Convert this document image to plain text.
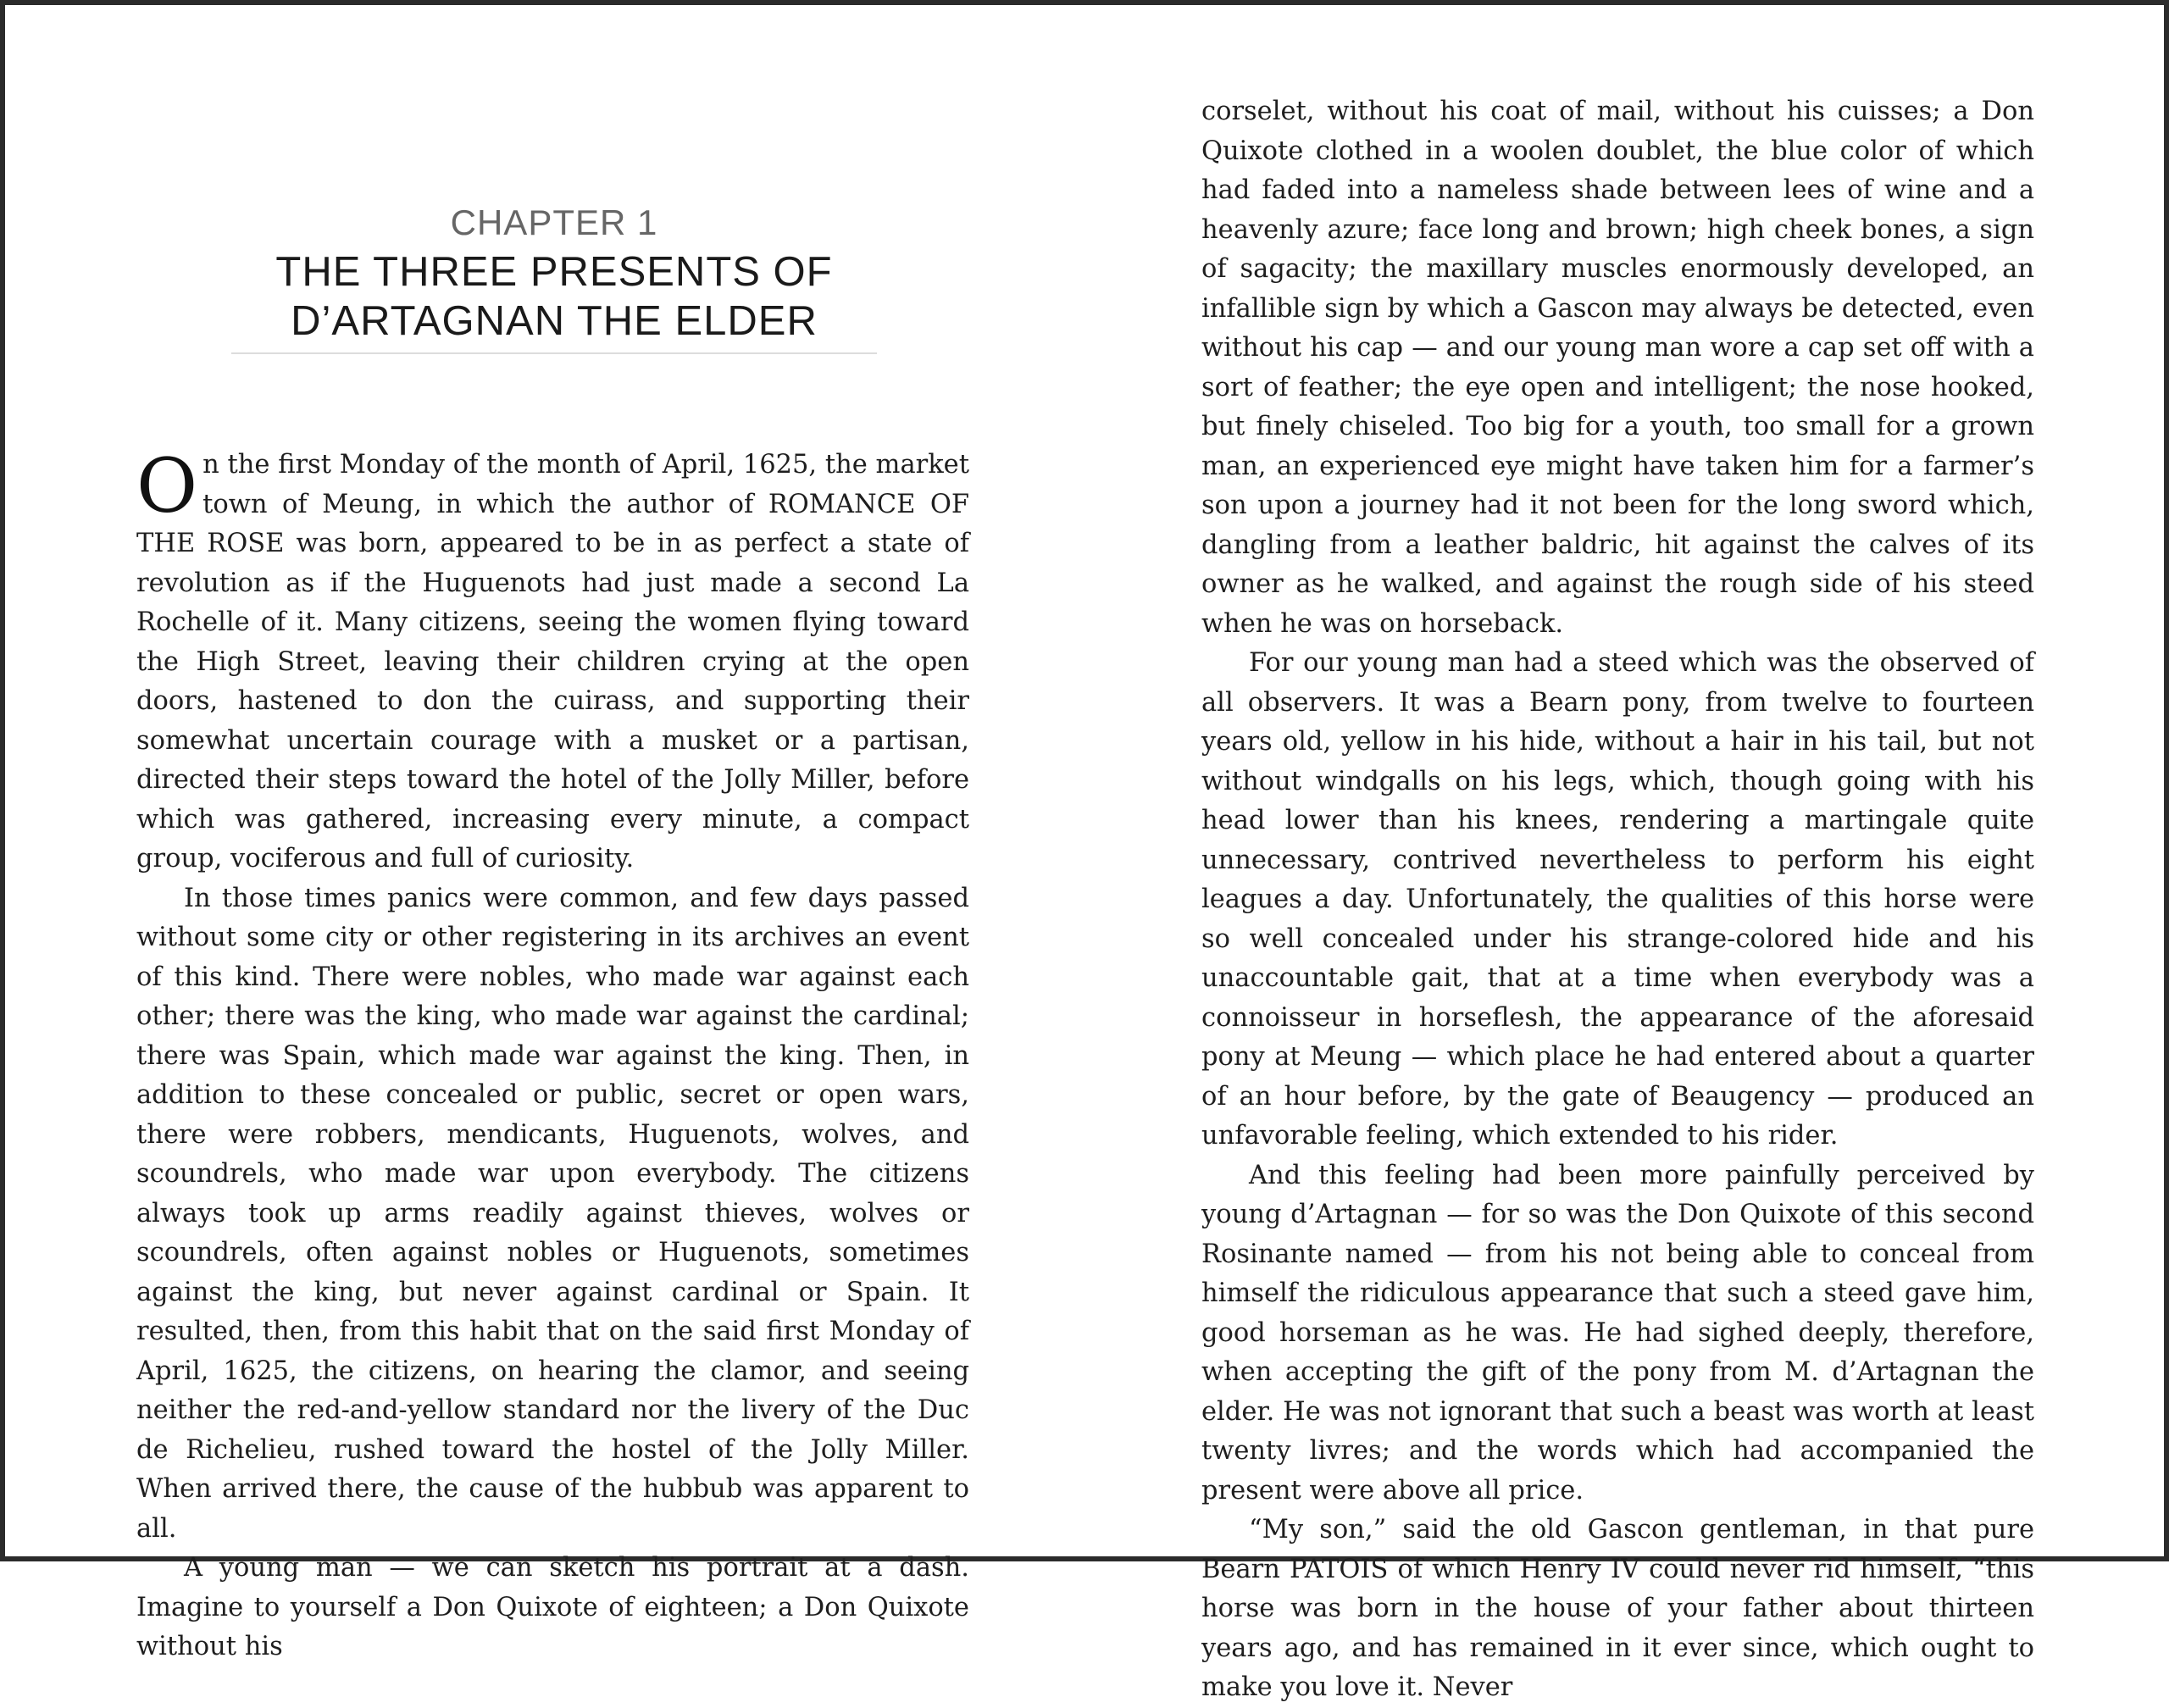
CHAPTER 1
THE THREE PRESENTS OF
D’ARTAGNAN THE ELDER

On the first Monday of the month of April, 1625, the market town of Meung, in which the author of ROMANCE OF THE ROSE was born, appeared to be in as perfect a state of revolution as if the Huguenots had just made a second La Rochelle of it. Many citizens, seeing the women flying toward the High Street, leaving their children crying at the open doors, hastened to don the cuirass, and supporting their somewhat uncertain courage with a musket or a partisan, directed their steps toward the hotel of the Jolly Miller, before which was gathered, increasing every minute, a compact group, vociferous and full of curiosity.

In those times panics were common, and few days passed without some city or other registering in its archives an event of this kind. There were nobles, who made war against each other; there was the king, who made war against the cardinal; there was Spain, which made war against the king. Then, in addition to these concealed or public, secret or open wars, there were robbers, mendicants, Huguenots, wolves, and scoundrels, who made war upon everybody. The citizens always took up arms readily against thieves, wolves or scoundrels, often against nobles or Huguenots, sometimes against the king, but never against cardinal or Spain. It resulted, then, from this habit that on the said first Monday of April, 1625, the citizens, on hearing the clamor, and seeing neither the red-and-yellow standard nor the livery of the Duc de Richelieu, rushed toward the hostel of the Jolly Miller. When arrived there, the cause of the hubbub was apparent to all.

A young man — we can sketch his portrait at a dash. Imagine to yourself a Don Quixote of eighteen; a Don Quixote without his

corselet, without his coat of mail, without his cuisses; a Don Quixote clothed in a woolen doublet, the blue color of which had faded into a nameless shade between lees of wine and a heavenly azure; face long and brown; high cheek bones, a sign of sagacity; the maxillary muscles enormously developed, an infallible sign by which a Gascon may always be detected, even without his cap — and our young man wore a cap set off with a sort of feather; the eye open and intelligent; the nose hooked, but finely chiseled. Too big for a youth, too small for a grown man, an experienced eye might have taken him for a farmer’s son upon a journey had it not been for the long sword which, dangling from a leather baldric, hit against the calves of its owner as he walked, and against the rough side of his steed when he was on horseback.

For our young man had a steed which was the observed of all observers. It was a Bearn pony, from twelve to fourteen years old, yellow in his hide, without a hair in his tail, but not without windgalls on his legs, which, though going with his head lower than his knees, rendering a martingale quite unnecessary, contrived nevertheless to perform his eight leagues a day. Unfortunately, the qualities of this horse were so well concealed under his strange-colored hide and his unaccountable gait, that at a time when everybody was a connoisseur in horseflesh, the appearance of the aforesaid pony at Meung — which place he had entered about a quarter of an hour before, by the gate of Beaugency — produced an unfavorable feeling, which extended to his rider.

And this feeling had been more painfully perceived by young d’Artagnan — for so was the Don Quixote of this second Rosinante named — from his not being able to conceal from himself the ridiculous appearance that such a steed gave him, good horseman as he was. He had sighed deeply, therefore, when accepting the gift of the pony from M. d’Artagnan the elder. He was not ignorant that such a beast was worth at least twenty livres; and the words which had accompanied the present were above all price.

“My son,” said the old Gascon gentleman, in that pure Bearn PATOIS of which Henry IV could never rid himself, “this horse was born in the house of your father about thirteen years ago, and has remained in it ever since, which ought to make you love it. Never
